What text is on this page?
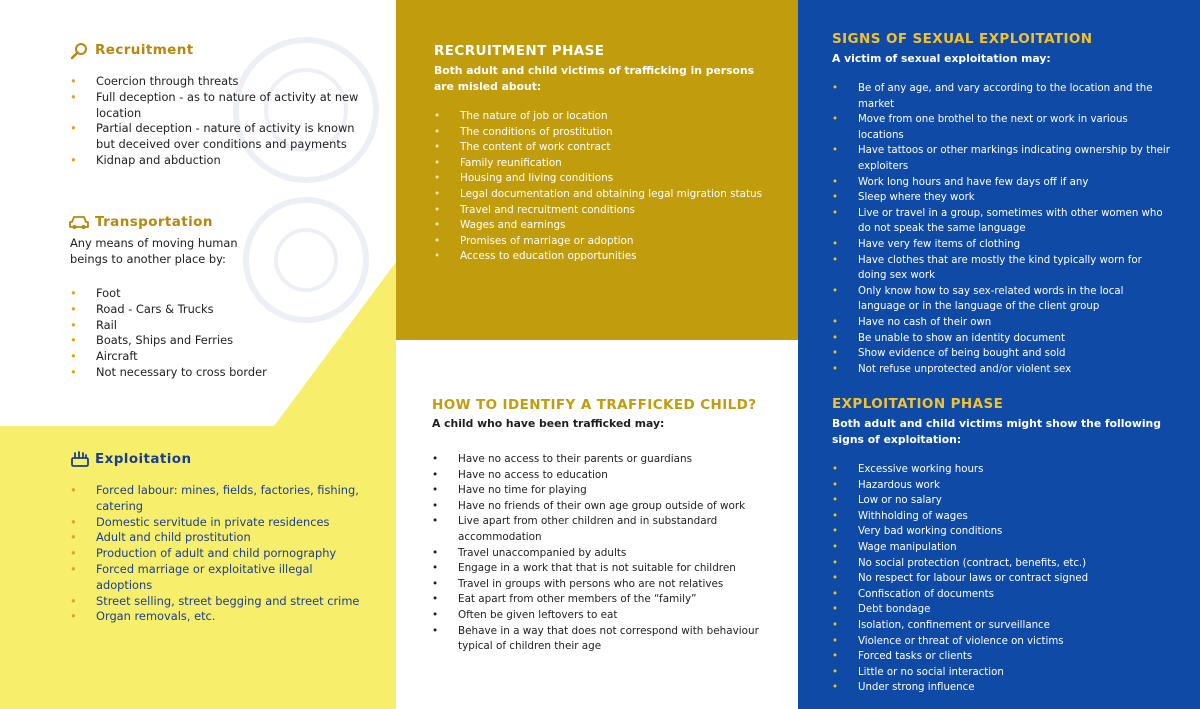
Recruitment
• Coercion through threats
• Full deception - as to nature of activity at new location
• Partial deception - nature of activity is known but deceived over conditions and payments
• Kidnap and abduction
Transportation

Any means of moving human beings to another place by:

• Foot
• Road - Cars & Trucks
• Rail
• Boats, Ships and Ferries
• Aircraft
• Not necessary to cross border
Exploitation
• Forced labour: mines, fields, factories, fishing, catering
• Domestic servitude in private residences
• Adult and child prostitution
• Production of adult and child pornography
• Forced marriage or exploitative illegal adoptions
• Street selling, street begging and street crime
• Organ removals, etc.
RECRUITMENT PHASE

Both adult and child victims of trafficking in persons are misled about:

• The nature of job or location
• The conditions of prostitution
• The content of work contract
• Family reunification
• Housing and living conditions
• Legal documentation and obtaining legal migration status
• Travel and recruitment conditions
• Wages and earnings
• Promises of marriage or adoption
• Access to education opportunities
HOW TO IDENTIFY A TRAFFICKED CHILD?

A child who have been trafficked may:

• Have no access to their parents or guardians
• Have no access to education
• Have no time for playing
• Have no friends of their own age group outside of work
• Live apart from other children and in substandard accommodation
• Travel unaccompanied by adults
• Engage in a work that that is not suitable for children
• Travel in groups with persons who are not relatives
• Eat apart from other members of the “family”
• Often be given leftovers to eat
• Behave in a way that does not correspond with behaviour typical of children their age
SIGNS OF SEXUAL EXPLOITATION

A victim of sexual exploitation may:

• Be of any age, and vary according to the location and the market
• Move from one brothel to the next or work in various locations
• Have tattoos or other markings indicating ownership by their exploiters
• Work long hours and have few days off if any
• Sleep where they work
• Live or travel in a group, sometimes with other women who do not speak the same language
• Have very few items of clothing
• Have clothes that are mostly the kind typically worn for doing sex work
• Only know how to say sex-related words in the local language or in the language of the client group
• Have no cash of their own
• Be unable to show an identity document
• Show evidence of being bought and sold
• Not refuse unprotected and/or violent sex
EXPLOITATION PHASE

Both adult and child victims might show the following signs of exploitation:

• Excessive working hours
• Hazardous work
• Low or no salary
• Withholding of wages
• Very bad working conditions
• Wage manipulation
• No social protection (contract, benefits, etc.)
• No respect for labour laws or contract signed
• Confiscation of documents
• Debt bondage
• Isolation, confinement or surveillance
• Violence or threat of violence on victims
• Forced tasks or clients
• Little or no social interaction
• Under strong influence
